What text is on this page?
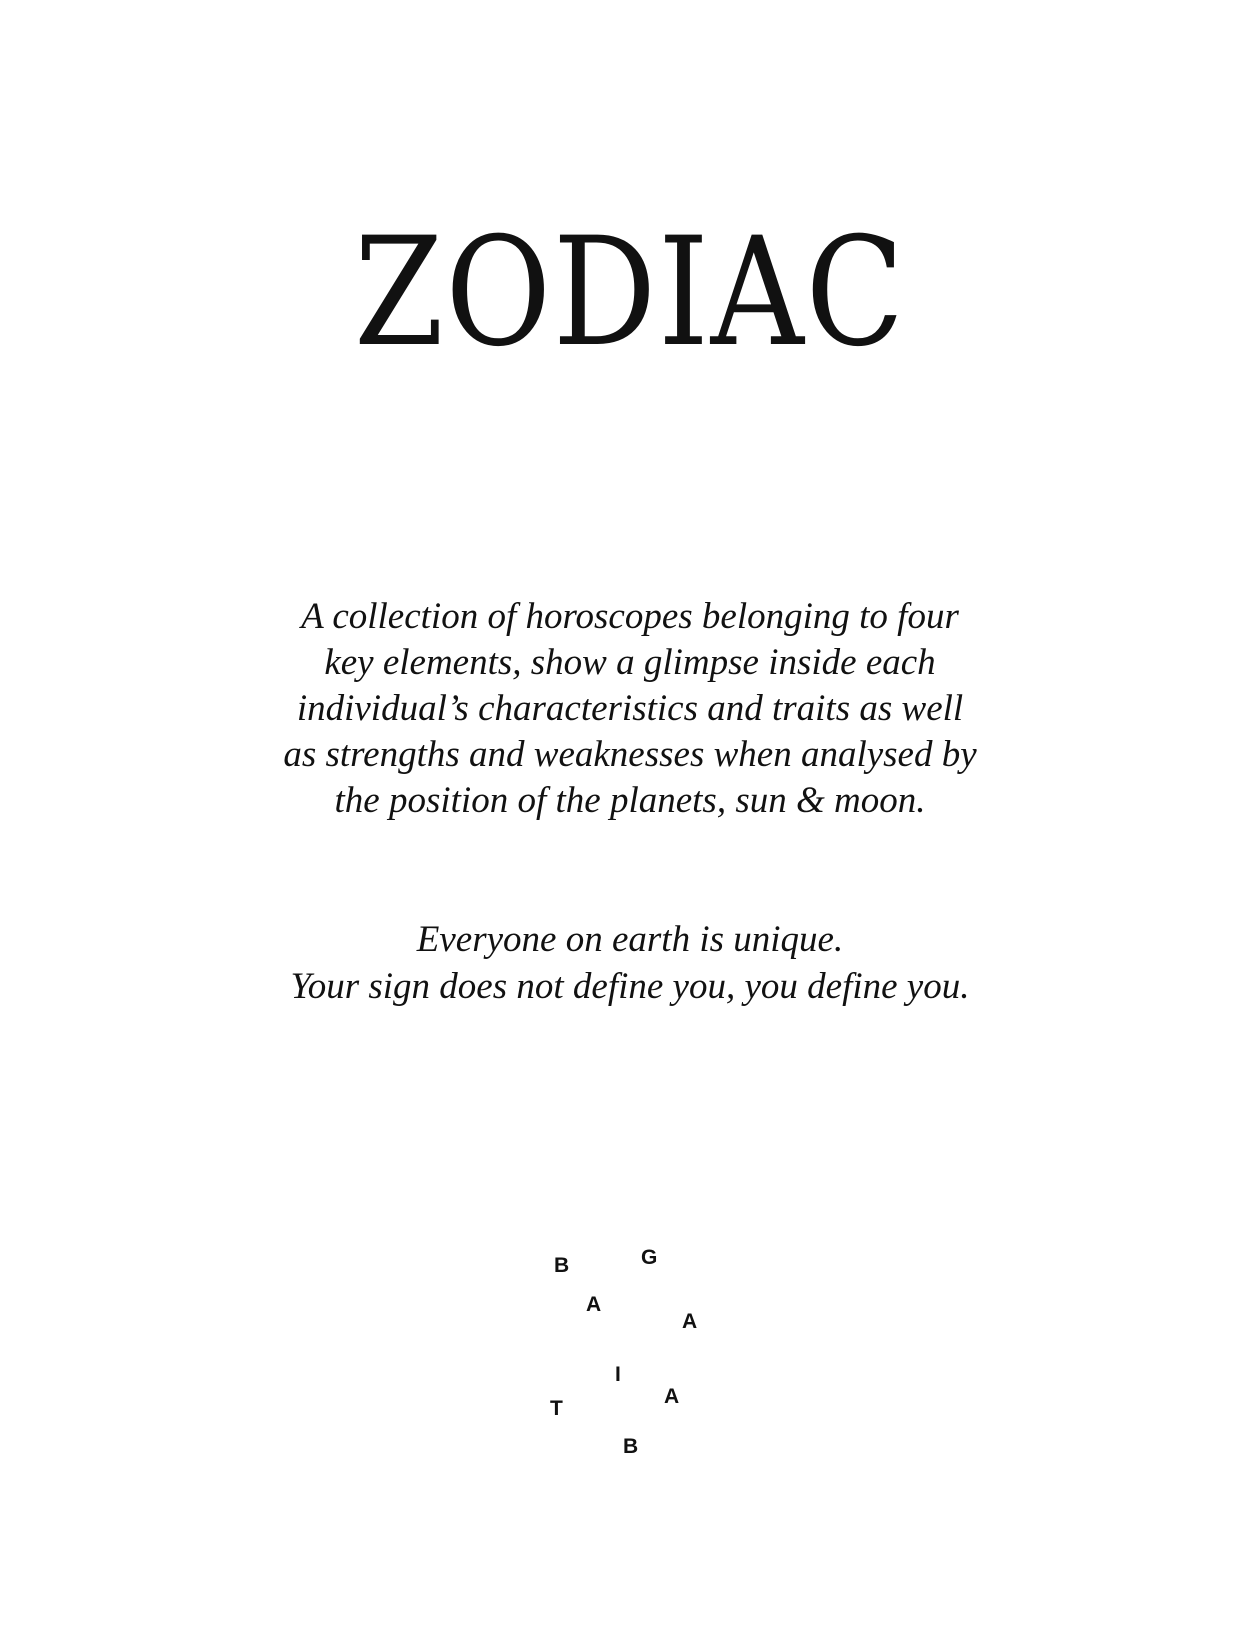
ZODIAC

A collection of horoscopes belonging to four
key elements, show a glimpse inside each
individual’s characteristics and traits as well
as strengths and weaknesses when analysed by
the position of the planets, sun & moon.

Everyone on earth is unique.
Your sign does not define you, you define you.

B	G
A
A
I
A
T
B
